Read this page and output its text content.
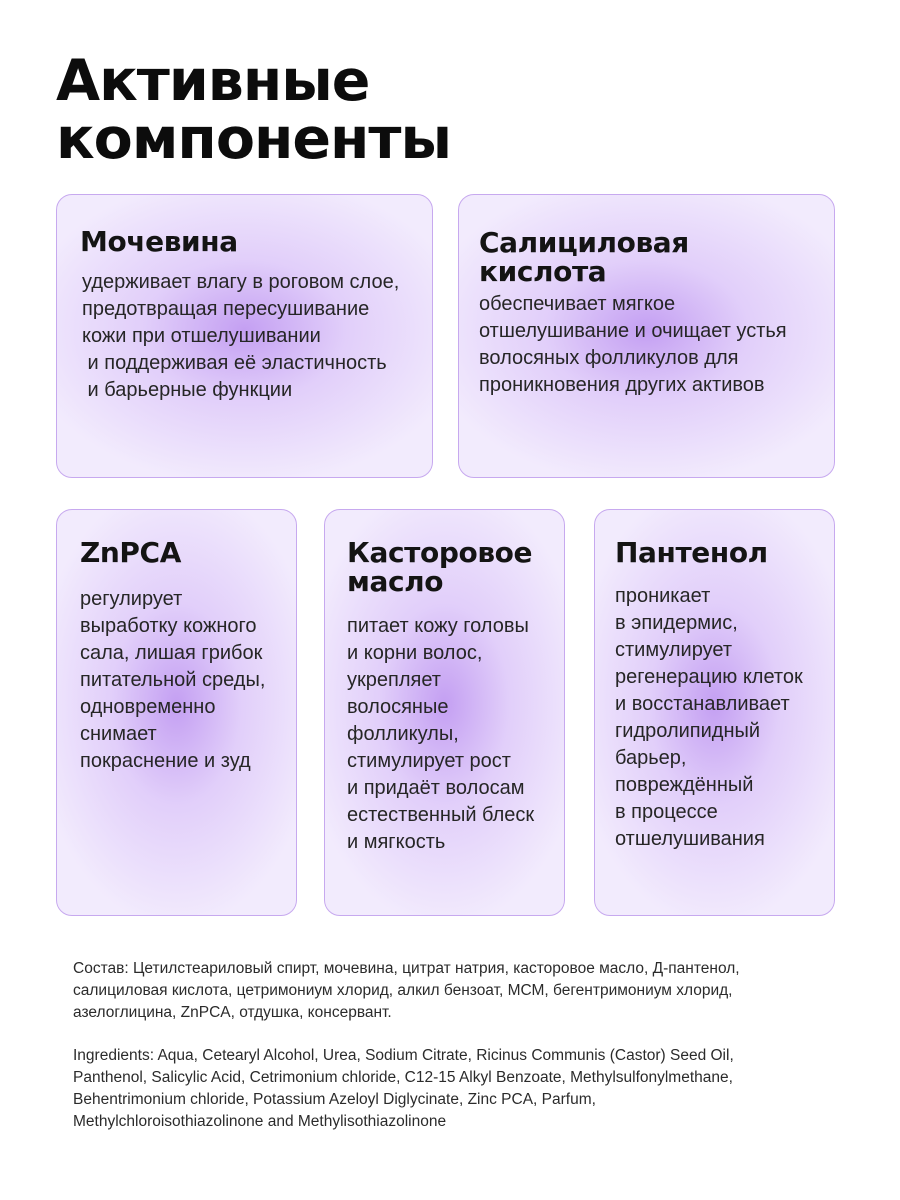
Активные
компоненты
Мочевина

удерживает влагу в роговом слое,
предотвращая пересушивание
кожи при отшелушивании
и поддерживая её эластичность
и барьерные функции

Салициловая
кислота

обеспечивает мягкое
отшелушивание и очищает устья
волосяных фолликулов для
проникновения других активов

ZnPCA

регулирует
выработку кожного
сала, лишая грибок
питательной среды,
одновременно
снимает
покраснение и зуд

Касторовое
масло

питает кожу головы
и корни волос,
укрепляет
волосяные
фолликулы,
стимулирует рост
и придаёт волосам
естественный блеск
и мягкость

Пантенол

проникает
в эпидермис,
стимулирует
регенерацию клеток
и восстанавливает
гидролипидный
барьер,
повреждённый
в процессе
отшелушивания

Состав: Цетилстеариловый спирт, мочевина, цитрат натрия, касторовое масло, Д-пантенол,
салициловая кислота, цетримониум хлорид, алкил бензоат, МСМ, бегентримониум хлорид,
азелоглицина, ZnPCA, отдушка, консервант.

Ingredients: Aqua, Cetearyl Alcohol, Urea, Sodium Citrate, Ricinus Communis (Castor) Seed Oil,
Panthenol, Salicylic Acid, Cetrimonium chloride, C12-15 Alkyl Benzoate, Methylsulfonylmethane,
Behentrimonium chloride, Potassium Azeloyl Diglycinate, Zinc PCA, Parfum,
Methylchloroisothiazolinone and Methylisothiazolinone
